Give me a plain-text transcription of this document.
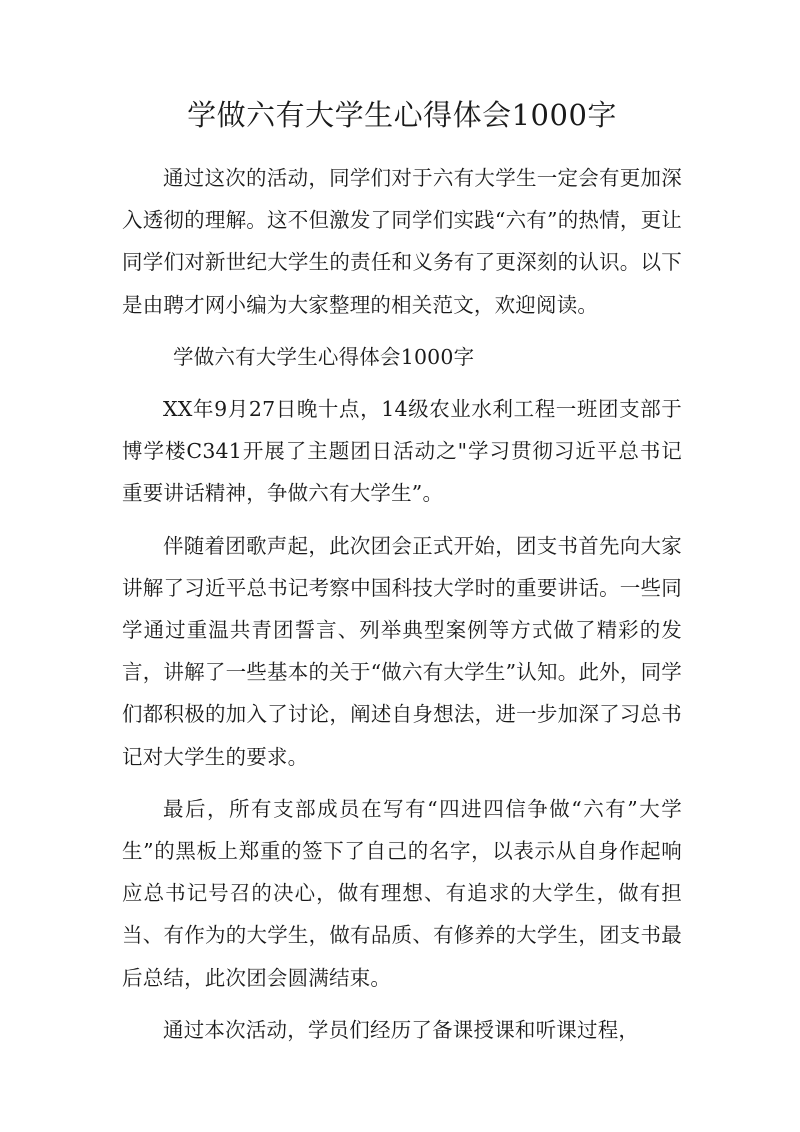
学做六有大学生心得体会1000字

通过这次的活动，同学们对于六有大学生一定会有更加深入透彻的理解。这不但激发了同学们实践“六有”的热情，更让同学们对新世纪大学生的责任和义务有了更深刻的认识。以下是由聘才网小编为大家整理的相关范文，欢迎阅读。

学做六有大学生心得体会1000字

XX年9月27日晚十点，14级农业水利工程一班团支部于博学楼C341开展了主题团日活动之"学习贯彻习近平总书记重要讲话精神，争做六有大学生”。

伴随着团歌声起，此次团会正式开始，团支书首先向大家讲解了习近平总书记考察中国科技大学时的重要讲话。一些同学通过重温共青团誓言、列举典型案例等方式做了精彩的发言，讲解了一些基本的关于“做六有大学生”认知。此外，同学们都积极的加入了讨论，阐述自身想法，进一步加深了习总书记对大学生的要求。

最后，所有支部成员在写有“四进四信争做“六有”大学生”的黑板上郑重的签下了自己的名字，以表示从自身作起响应总书记号召的决心，做有理想、有追求的大学生，做有担当、有作为的大学生，做有品质、有修养的大学生，团支书最后总结，此次团会圆满结束。

通过本次活动，学员们经历了备课授课和听课过程，
